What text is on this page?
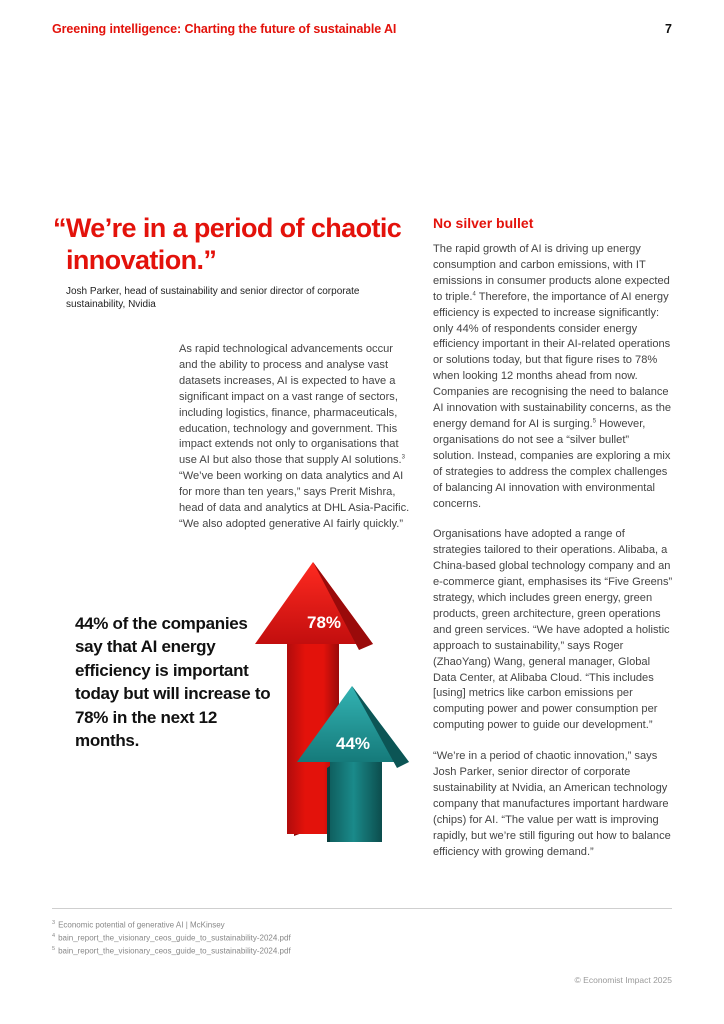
Greening intelligence: Charting the future of sustainable AI	7
“We’re in a period of chaotic innovation.”
Josh Parker, head of sustainability and senior director of corporate sustainability, Nvidia
As rapid technological advancements occur and the ability to process and analyse vast datasets increases, AI is expected to have a significant impact on a vast range of sectors, including logistics, finance, pharmaceuticals, education, technology and government. This impact extends not only to organisations that use AI but also those that supply AI solutions.$^3$ “We’ve been working on data analytics and AI for more than ten years,” says Prerit Mishra, head of data and analytics at DHL Asia-Pacific. “We also adopted generative AI fairly quickly.”
44% of the companies say that AI energy efficiency is important today but will increase to 78% in the next 12 months.
78%
44%
No silver bullet

The rapid growth of AI is driving up energy consumption and carbon emissions, with IT emissions in consumer products alone expected to triple.$^4$ Therefore, the importance of AI energy efficiency is expected to increase significantly: only 44% of respondents consider energy efficiency important in their AI-related operations or solutions today, but that figure rises to 78% when looking 12 months ahead from now. Companies are recognising the need to balance AI innovation with sustainability concerns, as the energy demand for AI is surging.$^5$ However, organisations do not see a “silver bullet” solution. Instead, companies are exploring a mix of strategies to address the complex challenges of balancing AI innovation with environmental concerns.

Organisations have adopted a range of strategies tailored to their operations. Alibaba, a China-based global technology company and an e-commerce giant, emphasises its “Five Greens” strategy, which includes green energy, green products, green architecture, green operations and green services. “We have adopted a holistic approach to sustainability,” says Roger (ZhaoYang) Wang, general manager, Global Data Center, at Alibaba Cloud. “This includes [using] metrics like carbon emissions per computing power and power consumption per computing power to guide our development.”

“We’re in a period of chaotic innovation,” says Josh Parker, senior director of corporate sustainability at Nvidia, an American technology company that manufactures important hardware (chips) for AI. “The value per watt is improving rapidly, but we’re still figuring out how to balance efficiency with growing demand.”

$^3$ Economic potential of generative AI | McKinsey
$^4$ bain_report_the_visionary_ceos_guide_to_sustainability-2024.pdf
$^5$ bain_report_the_visionary_ceos_guide_to_sustainability-2024.pdf
© Economist Impact 2025
